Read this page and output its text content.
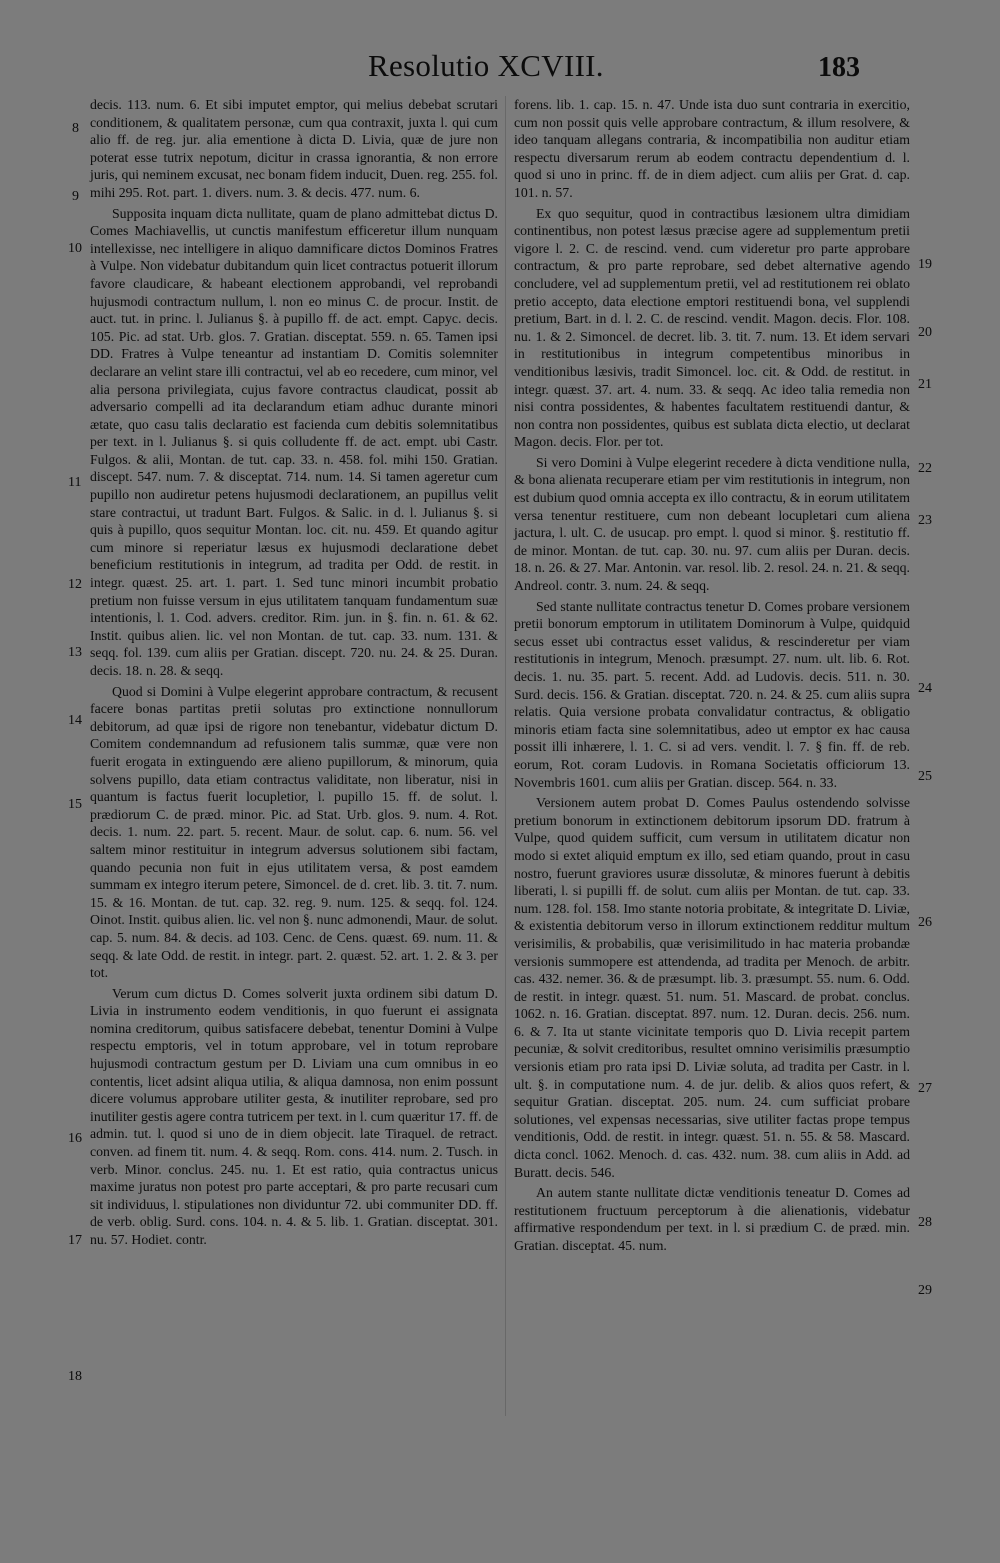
Resolutio XCVIII.	183

decis. 113. num. 6. Et sibi imputet emptor, qui melius debebat scrutari conditionem, & qualitatem personæ, cum qua contraxit, juxta l. qui cum alio ff. de reg. jur. alia ementione à dicta D. Livia, quæ de jure non poterat esse tutrix nepotum, dicitur in crassa ignorantia, & non errore juris, qui neminem excusat, nec bonam fidem inducit, Duen. reg. 255. fol. mihi 295. Rot. part. 1. divers. num. 3. & decis. 477. num. 6.

Supposita inquam dicta nullitate, quam de plano admittebat dictus D. Comes Machiavellis, ut cunctis manifestum efficeretur illum nunquam intellexisse, nec intelligere in aliquo damnificare dictos Dominos Fratres à Vulpe. Non videbatur dubitandum quin licet contractus potuerit illorum favore claudicare, & habeant electionem approbandi, vel reprobandi hujusmodi contractum nullum, l. non eo minus C. de procur. Instit. de auct. tut. in princ. l. Julianus §. à pupillo ff. de act. empt. Capyc. decis. 105. Pic. ad stat. Urb. glos. 7. Gratian. disceptat. 559. n. 65. Tamen ipsi DD. Fratres à Vulpe teneantur ad instantiam D. Comitis solemniter declarare an velint stare illi contractui, vel ab eo recedere, cum minor, vel alia persona privilegiata, cujus favore contractus claudicat, possit ab adversario compelli ad ita declarandum etiam adhuc durante minori ætate, quo casu talis declaratio est facienda cum debitis solemnitatibus per text. in l. Julianus §. si quis colludente ff. de act. empt. ubi Castr. Fulgos. & alii, Montan. de tut. cap. 33. n. 458. fol. mihi 150. Gratian. discept. 547. num. 7. & disceptat. 714. num. 14. Si tamen ageretur cum pupillo non audiretur petens hujusmodi declarationem, an pupillus velit stare contractui, ut tradunt Bart. Fulgos. & Salic. in d. l. Julianus §. si quis à pupillo, quos sequitur Montan. loc. cit. nu. 459. Et quando agitur cum minore si reperiatur læsus ex hujusmodi declaratione debet beneficium restitutionis in integrum, ad tradita per Odd. de restit. in integr. quæst. 25. art. 1. part. 1. Sed tunc minori incumbit probatio pretium non fuisse versum in ejus utilitatem tanquam fundamentum suæ intentionis, l. 1. Cod. advers. creditor. Rim. jun. in §. fin. n. 61. & 62. Instit. quibus alien. lic. vel non Montan. de tut. cap. 33. num. 131. & seqq. fol. 139. cum aliis per Gratian. discept. 720. nu. 24. & 25. Duran. decis. 18. n. 28. & seqq.

Quod si Domini à Vulpe elegerint approbare contractum, & recusent facere bonas partitas pretii solutas pro extinctione nonnullorum debitorum, ad quæ ipsi de rigore non tenebantur, videbatur dictum D. Comitem condemnandum ad refusionem talis summæ, quæ vere non fuerit erogata in extinguendo ære alieno pupillorum, & minorum, quia solvens pupillo, data etiam contractus validitate, non liberatur, nisi in quantum is factus fuerit locupletior, l. pupillo 15. ff. de solut. l. prædiorum C. de præd. minor. Pic. ad Stat. Urb. glos. 9. num. 4. Rot. decis. 1. num. 22. part. 5. recent. Maur. de solut. cap. 6. num. 56. vel saltem minor restituitur in integrum adversus solutionem sibi factam, quando pecunia non fuit in ejus utilitatem versa, & post eamdem summam ex integro iterum petere, Simoncel. de d. cret. lib. 3. tit. 7. num. 15. & 16. Montan. de tut. cap. 32. reg. 9. num. 125. & seqq. fol. 124. Oinot. Instit. quibus alien. lic. vel non §. nunc admonendi, Maur. de solut. cap. 5. num. 84. & decis. ad 103. Cenc. de Cens. quæst. 69. num. 11. & seqq. & late Odd. de restit. in integr. part. 2. quæst. 52. art. 1. 2. & 3. per tot.

Verum cum dictus D. Comes solverit juxta ordinem sibi datum D. Livia in instrumento eodem venditionis, in quo fuerunt ei assignata nomina creditorum, quibus satisfacere debebat, tenentur Domini à Vulpe respectu emptoris, vel in totum approbare, vel in totum reprobare hujusmodi contractum gestum per D. Liviam una cum omnibus in eo contentis, licet adsint aliqua utilia, & aliqua damnosa, non enim possunt dicere volumus approbare utiliter gesta, & inutiliter reprobare, sed pro inutiliter gestis agere contra tutricem per text. in l. cum quæritur 17. ff. de admin. tut. l. quod si uno de in diem objecit. late Tiraquel. de retract. conven. ad finem tit. num. 4. & seqq. Rom. cons. 414. num. 2. Tusch. in verb. Minor. conclus. 245. nu. 1. Et est ratio, quia contractus unicus maxime juratus non potest pro parte acceptari, & pro parte recusari cum sit individuus, l. stipulationes non dividuntur 72. ubi communiter DD. ff. de verb. oblig. Surd. cons. 104. n. 4. & 5. lib. 1. Gratian. disceptat. 301. nu. 57. Hodiet. contr.

forens. lib. 1. cap. 15. n. 47. Unde ista duo sunt contraria in exercitio, cum non possit quis velle approbare contractum, & illum resolvere, & ideo tanquam allegans contraria, & incompatibilia non auditur etiam respectu diversarum rerum ab eodem contractu dependentium d. l. quod si uno in princ. ff. de in diem adject. cum aliis per Grat. d. cap. 101. n. 57.

Ex quo sequitur, quod in contractibus læsionem ultra dimidiam continentibus, non potest læsus præcise agere ad supplementum pretii vigore l. 2. C. de rescind. vend. cum videretur pro parte approbare contractum, & pro parte reprobare, sed debet alternative agendo concludere, vel ad supplementum pretii, vel ad restitutionem rei oblato pretio accepto, data electione emptori restituendi bona, vel supplendi pretium, Bart. in d. l. 2. C. de rescind. vendit. Magon. decis. Flor. 108. nu. 1. & 2. Simoncel. de decret. lib. 3. tit. 7. num. 13. Et idem servari in restitutionibus in integrum competentibus minoribus in venditionibus læsivis, tradit Simoncel. loc. cit. & Odd. de restitut. in integr. quæst. 37. art. 4. num. 33. & seqq. Ac ideo talia remedia non nisi contra possidentes, & habentes facultatem restituendi dantur, & non contra non possidentes, quibus est sublata dicta electio, ut declarat Magon. decis. Flor. per tot.

Si vero Domini à Vulpe elegerint recedere à dicta venditione nulla, & bona alienata recuperare etiam per vim restitutionis in integrum, non est dubium quod omnia accepta ex illo contractu, & in eorum utilitatem versa tenentur restituere, cum non debeant locupletari cum aliena jactura, l. ult. C. de usucap. pro empt. l. quod si minor. §. restitutio ff. de minor. Montan. de tut. cap. 30. nu. 97. cum aliis per Duran. decis. 18. n. 26. & 27. Mar. Antonin. var. resol. lib. 2. resol. 24. n. 21. & seqq. Andreol. contr. 3. num. 24. & seqq.

Sed stante nullitate contractus tenetur D. Comes probare versionem pretii bonorum emptorum in utilitatem Dominorum à Vulpe, quidquid secus esset ubi contractus esset validus, & rescinderetur per viam restitutionis in integrum, Menoch. præsumpt. 27. num. ult. lib. 6. Rot. decis. 1. nu. 35. part. 5. recent. Add. ad Ludovis. decis. 511. n. 30. Surd. decis. 156. & Gratian. disceptat. 720. n. 24. & 25. cum aliis supra relatis. Quia versione probata convalidatur contractus, & obligatio minoris etiam facta sine solemnitatibus, adeo ut emptor ex hac causa possit illi inhærere, l. 1. C. si ad vers. vendit. l. 7. § fin. ff. de reb. eorum, Rot. coram Ludovis. in Romana Societatis officiorum 13. Novembris 1601. cum aliis per Gratian. discep. 564. n. 33.

Versionem autem probat D. Comes Paulus ostendendo solvisse pretium bonorum in extinctionem debitorum ipsorum DD. fratrum à Vulpe, quod quidem sufficit, cum versum in utilitatem dicatur non modo si extet aliquid emptum ex illo, sed etiam quando, prout in casu nostro, fuerunt graviores usuræ dissolutæ, & minores fuerunt à debitis liberati, l. si pupilli ff. de solut. cum aliis per Montan. de tut. cap. 33. num. 128. fol. 158. Imo stante notoria probitate, & integritate D. Liviæ, & existentia debitorum verso in illorum extinctionem redditur multum verisimilis, & probabilis, quæ verisimilitudo in hac materia probandæ versionis summopere est attendenda, ad tradita per Menoch. de arbitr. cas. 432. nemer. 36. & de præsumpt. lib. 3. præsumpt. 55. num. 6. Odd. de restit. in integr. quæst. 51. num. 51. Mascard. de probat. conclus. 1062. n. 16. Gratian. disceptat. 897. num. 12. Duran. decis. 256. num. 6. & 7. Ita ut stante vicinitate temporis quo D. Livia recepit partem pecuniæ, & solvit creditoribus, resultet omnino verisimilis præsumptio versionis etiam pro rata ipsi D. Liviæ soluta, ad tradita per Castr. in l. ult. §. in computatione num. 4. de jur. delib. & alios quos refert, & sequitur Gratian. disceptat. 205. num. 24. cum sufficiat probare solutiones, vel expensas necessarias, sive utiliter factas prope tempus venditionis, Odd. de restit. in integr. quæst. 51. n. 55. & 58. Mascard. dicta concl. 1062. Menoch. d. cas. 432. num. 38. cum aliis in Add. ad Buratt. decis. 546.

An autem stante nullitate dictæ venditionis teneatur D. Comes ad restitutionem fructuum perceptorum à die alienationis, videbatur affirmative respondendum per text. in l. si prædium C. de præd. min. Gratian. disceptat. 45. num.

8
9
10
11
12
13
14
15
16
17
18
19
20
21
22
23
24
25
26
27
28
29
